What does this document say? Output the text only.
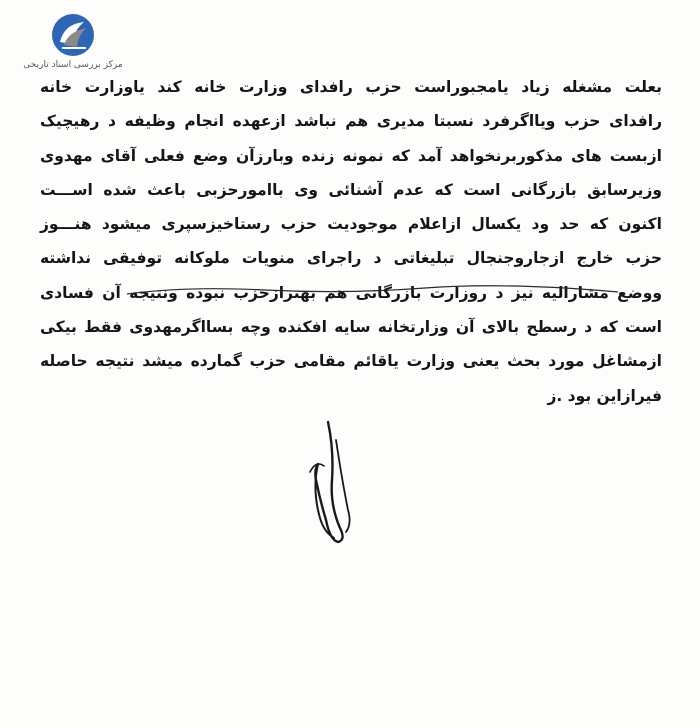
مرکز بررسی اسناد تاریخی
بعلت مشغله زیاد یامجبوراست حزب رافدای وزارت خانه کند یاوزارت خانه
رافدای حزب ویااگرفرد نسبتا مدیری هم نباشد ازعهده انجام وظیفه د رهیچیک
ازبست های مذکوربرنخواهد آمد که نمونه زنده وبارزآن وضع فعلی آقای مهدوی
وزیرسابق بازرگانی است که عدم آشنائی وی باامورحزبی باعث شده اســـت
اکنون که حد ود یکسال ازاعلام موجودیت حزب رستاخیزسپری میشود هنـــوز
حزب خارج ازجاروجنجال تبلیغاتی د راجرای منویات ملوکانه توفیقی نداشته
ووضع مشارالیه نیز د روزارت بازرگانی هم بهترازحزب نبوده ونتیجه آن فسادی
است که د رسطح بالای آن وزارتخانه سایه افکنده وچه بسااگرمهدوی فقط بیکی
ازمشاغل مورد بحث یعنی وزارت یاقائم مقامی حزب گمارده میشد نتیجه حاصله
فیرازاین بود .ز
